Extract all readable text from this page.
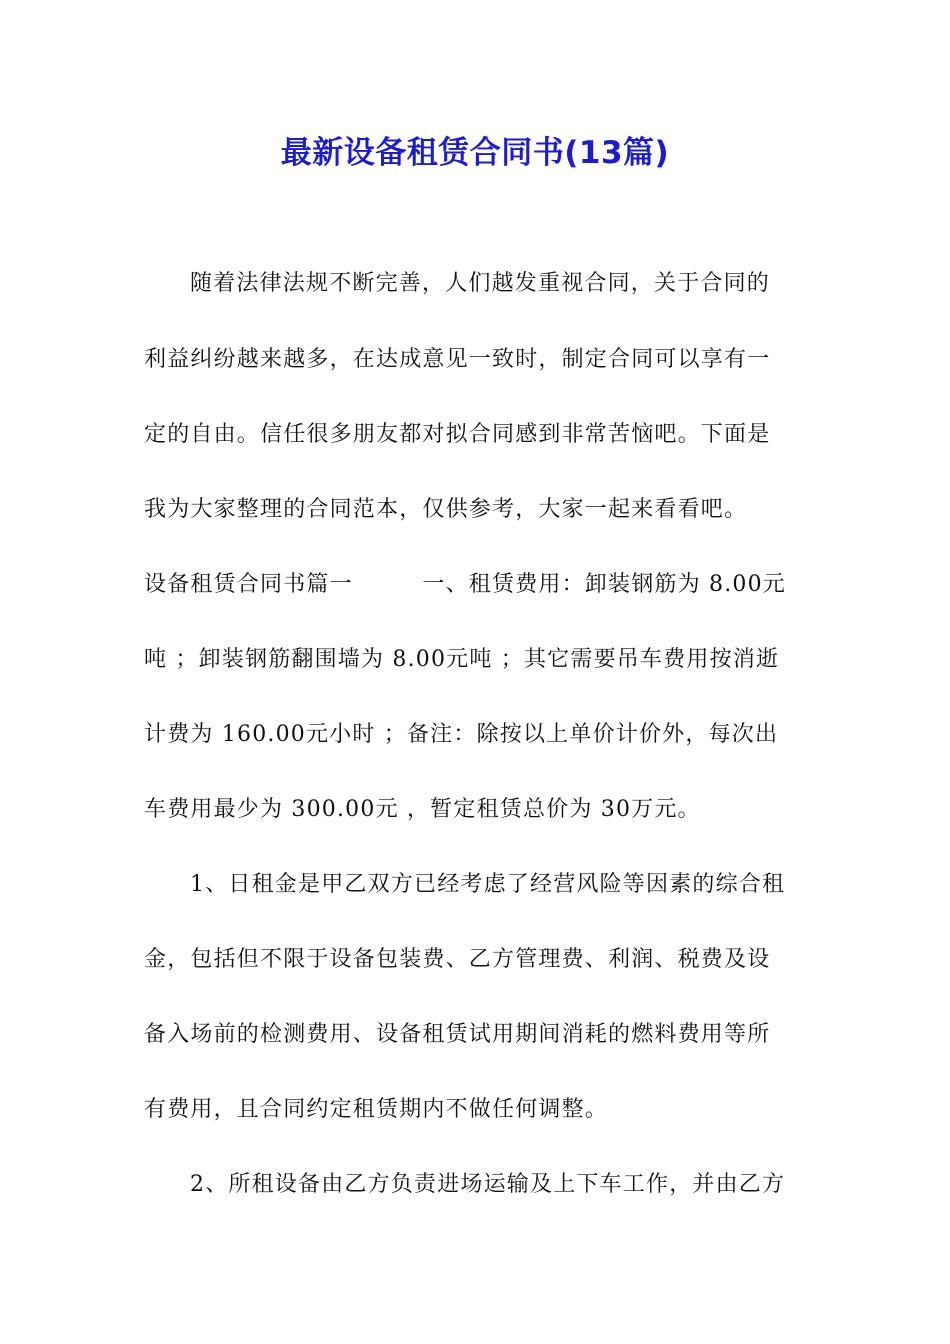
最新设备租赁合同书(13篇)
随着法律法规不断完善，人们越发重视合同，关于合同的
利益纠纷越来越多，在达成意见一致时，制定合同可以享有一
定的自由。信任很多朋友都对拟合同感到非常苦恼吧。下面是
我为大家整理的合同范本，仅供参考，大家一起来看看吧。
设备租赁合同书篇一　　　一、租赁费用：卸装钢筋为 8.00元
吨 ；卸装钢筋翻围墙为 8.00元吨 ；其它需要吊车费用按消逝
计费为 160.00元小时 ；备注：除按以上单价计价外，每次出
车费用最少为 300.00元 ，暂定租赁总价为 30万元。
1、日租金是甲乙双方已经考虑了经营风险等因素的综合租
金，包括但不限于设备包装费、乙方管理费、利润、税费及设
备入场前的检测费用、设备租赁试用期间消耗的燃料费用等所
有费用，且合同约定租赁期内不做任何调整。
2、所租设备由乙方负责进场运输及上下车工作，并由乙方
